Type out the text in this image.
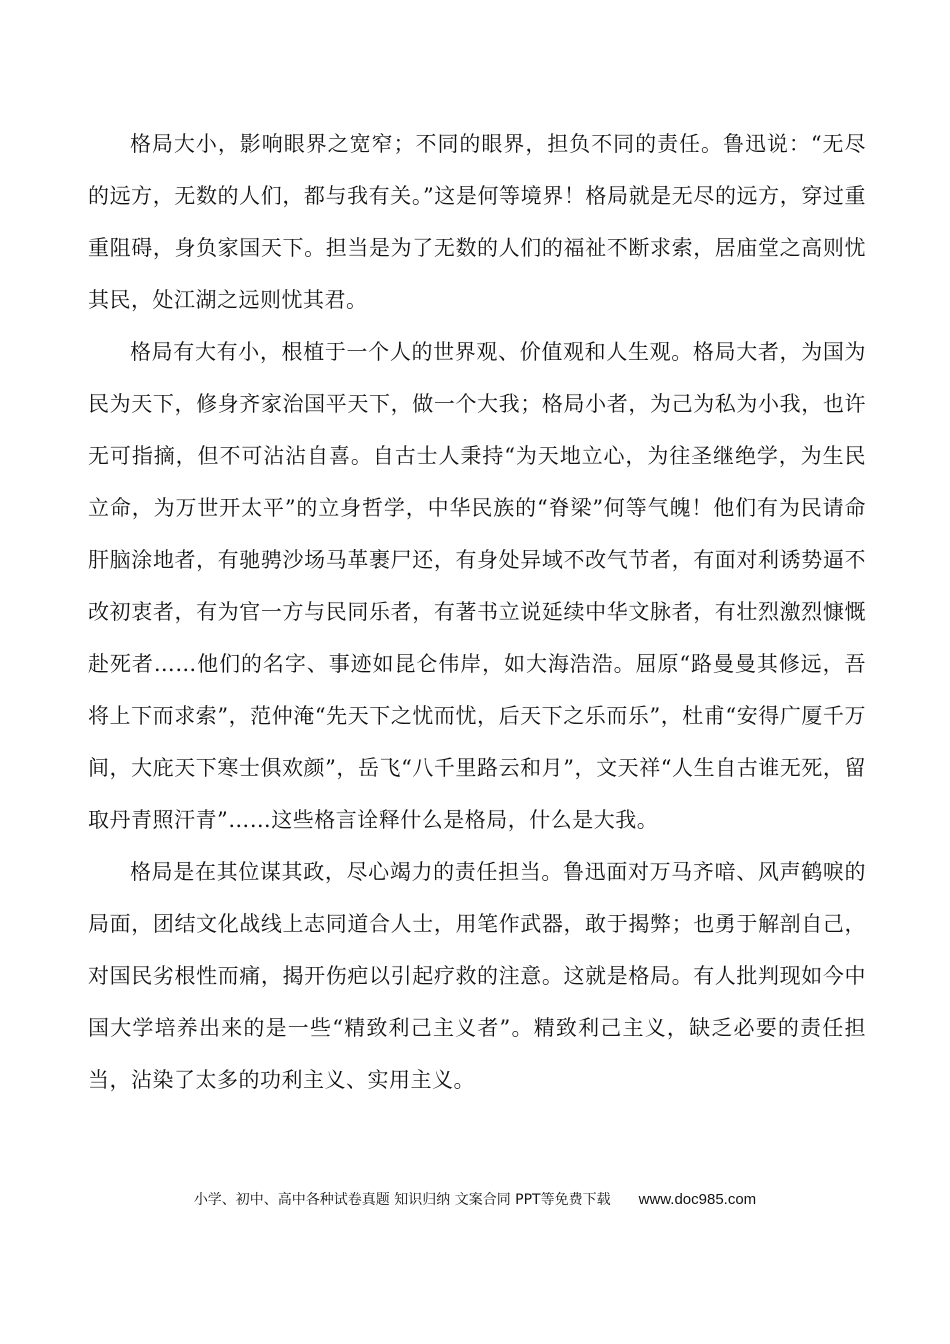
格局大小，影响眼界之宽窄；不同的眼界，担负不同的责任。鲁迅说：“无尽的远方，无数的人们，都与我有关。”这是何等境界！格局就是无尽的远方，穿过重重阻碍，身负家国天下。担当是为了无数的人们的福祉不断求索，居庙堂之高则忧其民，处江湖之远则忧其君。

格局有大有小，根植于一个人的世界观、价值观和人生观。格局大者，为国为民为天下，修身齐家治国平天下，做一个大我；格局小者，为己为私为小我，也许无可指摘，但不可沾沾自喜。自古士人秉持“为天地立心，为往圣继绝学，为生民立命，为万世开太平”的立身哲学，中华民族的“脊梁”何等气魄！他们有为民请命肝脑涂地者，有驰骋沙场马革裹尸还，有身处异域不改气节者，有面对利诱势逼不改初衷者，有为官一方与民同乐者，有著书立说延续中华文脉者，有壮烈激烈慷慨赴死者……他们的名字、事迹如昆仑伟岸，如大海浩浩。屈原“路曼曼其修远，吾将上下而求索”，范仲淹“先天下之忧而忧，后天下之乐而乐”，杜甫“安得广厦千万间，大庇天下寒士俱欢颜”，岳飞“八千里路云和月”，文天祥“人生自古谁无死，留取丹青照汗青”……这些格言诠释什么是格局，什么是大我。

格局是在其位谋其政，尽心竭力的责任担当。鲁迅面对万马齐喑、风声鹤唳的局面，团结文化战线上志同道合人士，用笔作武器，敢于揭弊；也勇于解剖自己，对国民劣根性而痛，揭开伤疤以引起疗救的注意。这就是格局。有人批判现如今中国大学培养出来的是一些“精致利己主义者”。精致利己主义，缺乏必要的责任担当，沾染了太多的功利主义、实用主义。

小学、初中、高中各种试卷真题 知识归纳 文案合同 PPT等免费下载 www.doc985.com
